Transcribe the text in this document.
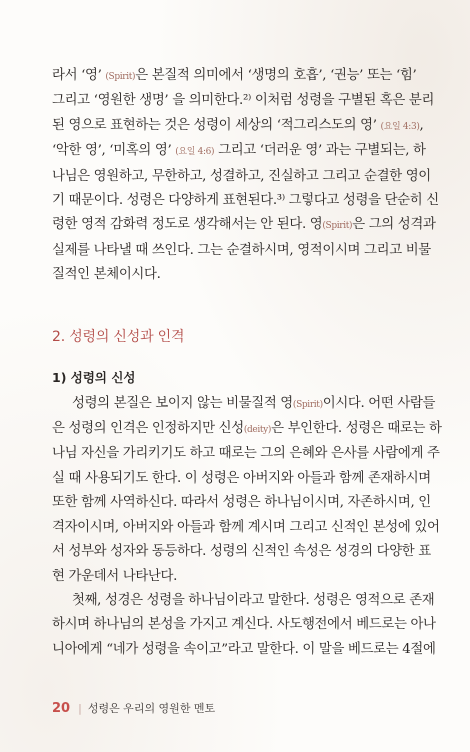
라서 ‘영’ (Spirit)은 본질적 의미에서 ‘생명의 호흡’, ‘권능’ 또는 ‘힘’

그리고 ‘영원한 생명’ 을 의미한다.²⁾ 이처럼 성령을 구별된 혹은 분리

된 영으로 표현하는 것은 성령이 세상의 ‘적그리스도의 영’ (요일 4:3),

‘악한 영’, ‘미혹의 영’ (요일 4:6) 그리고 ‘더러운 영’ 과는 구별되는, 하

나님은 영원하고, 무한하고, 성결하고, 진실하고 그리고 순결한 영이

기 때문이다. 성령은 다양하게 표현된다.³⁾ 그렇다고 성령을 단순히 신

령한 영적 감화력 정도로 생각해서는 안 된다. 영(Spirit)은 그의 성격과

실제를 나타낼 때 쓰인다. 그는 순결하시며, 영적이시며 그리고 비물

질적인 본체이시다.

2. 성령의 신성과 인격
1) 성령의 신성

성령의 본질은 보이지 않는 비물질적 영(Spirit)이시다. 어떤 사람들

은 성령의 인격은 인정하지만 신성(deity)은 부인한다. 성령은 때로는 하

나님 자신을 가리키기도 하고 때로는 그의 은혜와 은사를 사람에게 주

실 때 사용되기도 한다. 이 성령은 아버지와 아들과 함께 존재하시며

또한 함께 사역하신다. 따라서 성령은 하나님이시며, 자존하시며, 인

격자이시며, 아버지와 아들과 함께 계시며 그리고 신적인 본성에 있어

서 성부와 성자와 동등하다. 성령의 신적인 속성은 성경의 다양한 표

현 가운데서 나타난다.

첫째, 성경은 성령을 하나님이라고 말한다. 성령은 영적으로 존재

하시며 하나님의 본성을 가지고 계신다. 사도행전에서 베드로는 아나

니아에게 “네가 성령을 속이고”라고 말한다. 이 말을 베드로는 4절에

20 | 성령은 우리의 영원한 멘토
